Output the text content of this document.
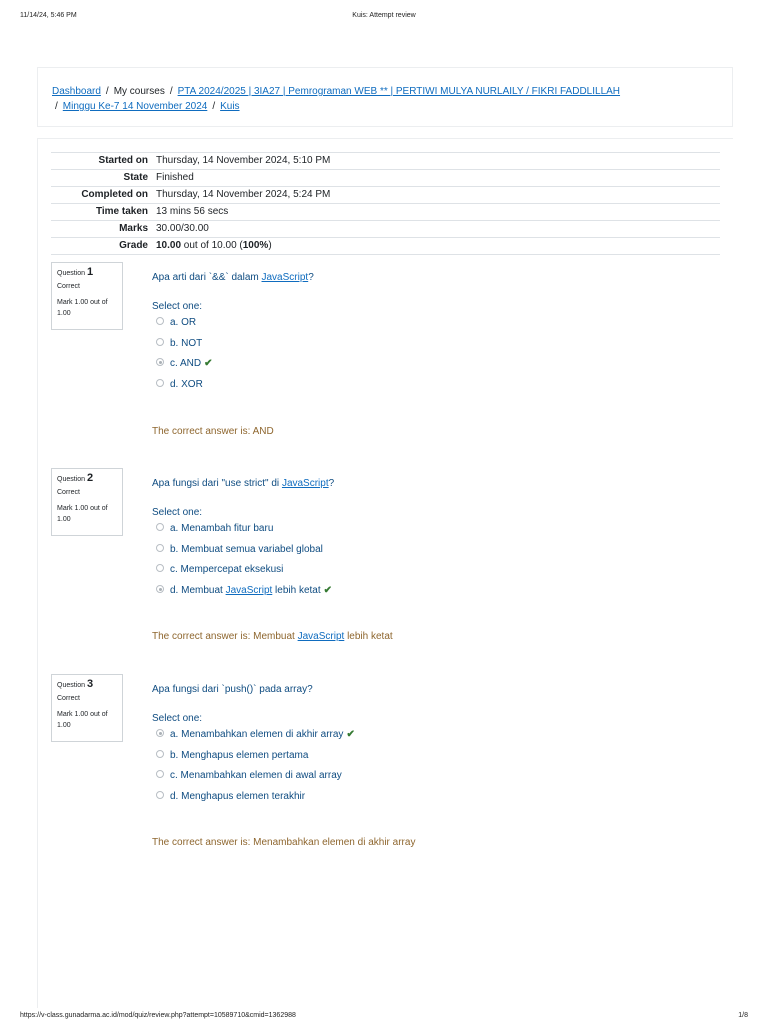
11/14/24, 5:46 PM	Kuis: Attempt review
Dashboard / My courses / PTA 2024/2025 | 3IA27 | Pemrograman WEB ** | PERTIWI MULYA NURLAILY / FIKRI FADDLILLAH
/ Minggu Ke-7 14 November 2024 / Kuis
Started on	Thursday, 14 November 2024, 5:10 PM
State	Finished
Completed on	Thursday, 14 November 2024, 5:24 PM
Time taken	13 mins 56 secs
Marks	30.00/30.00
Grade	10.00 out of 10.00 (100%)
Question 1
Correct
Mark 1.00 out of 1.00
Apa arti dari `&&` dalam JavaScript?
Select one:
a. OR
b. NOT
c. AND ✔
d. XOR
The correct answer is: AND
Question 2
Correct
Mark 1.00 out of 1.00
Apa fungsi dari "use strict" di JavaScript?
Select one:
a. Menambah fitur baru
b. Membuat semua variabel global
c. Mempercepat eksekusi
d. Membuat JavaScript lebih ketat ✔
The correct answer is: Membuat JavaScript lebih ketat
Question 3
Correct
Mark 1.00 out of 1.00
Apa fungsi dari `push()` pada array?
Select one:
a. Menambahkan elemen di akhir array ✔
b. Menghapus elemen pertama
c. Menambahkan elemen di awal array
d. Menghapus elemen terakhir
The correct answer is: Menambahkan elemen di akhir array
https://v-class.gunadarma.ac.id/mod/quiz/review.php?attempt=10589710&cmid=1362988	1/8
